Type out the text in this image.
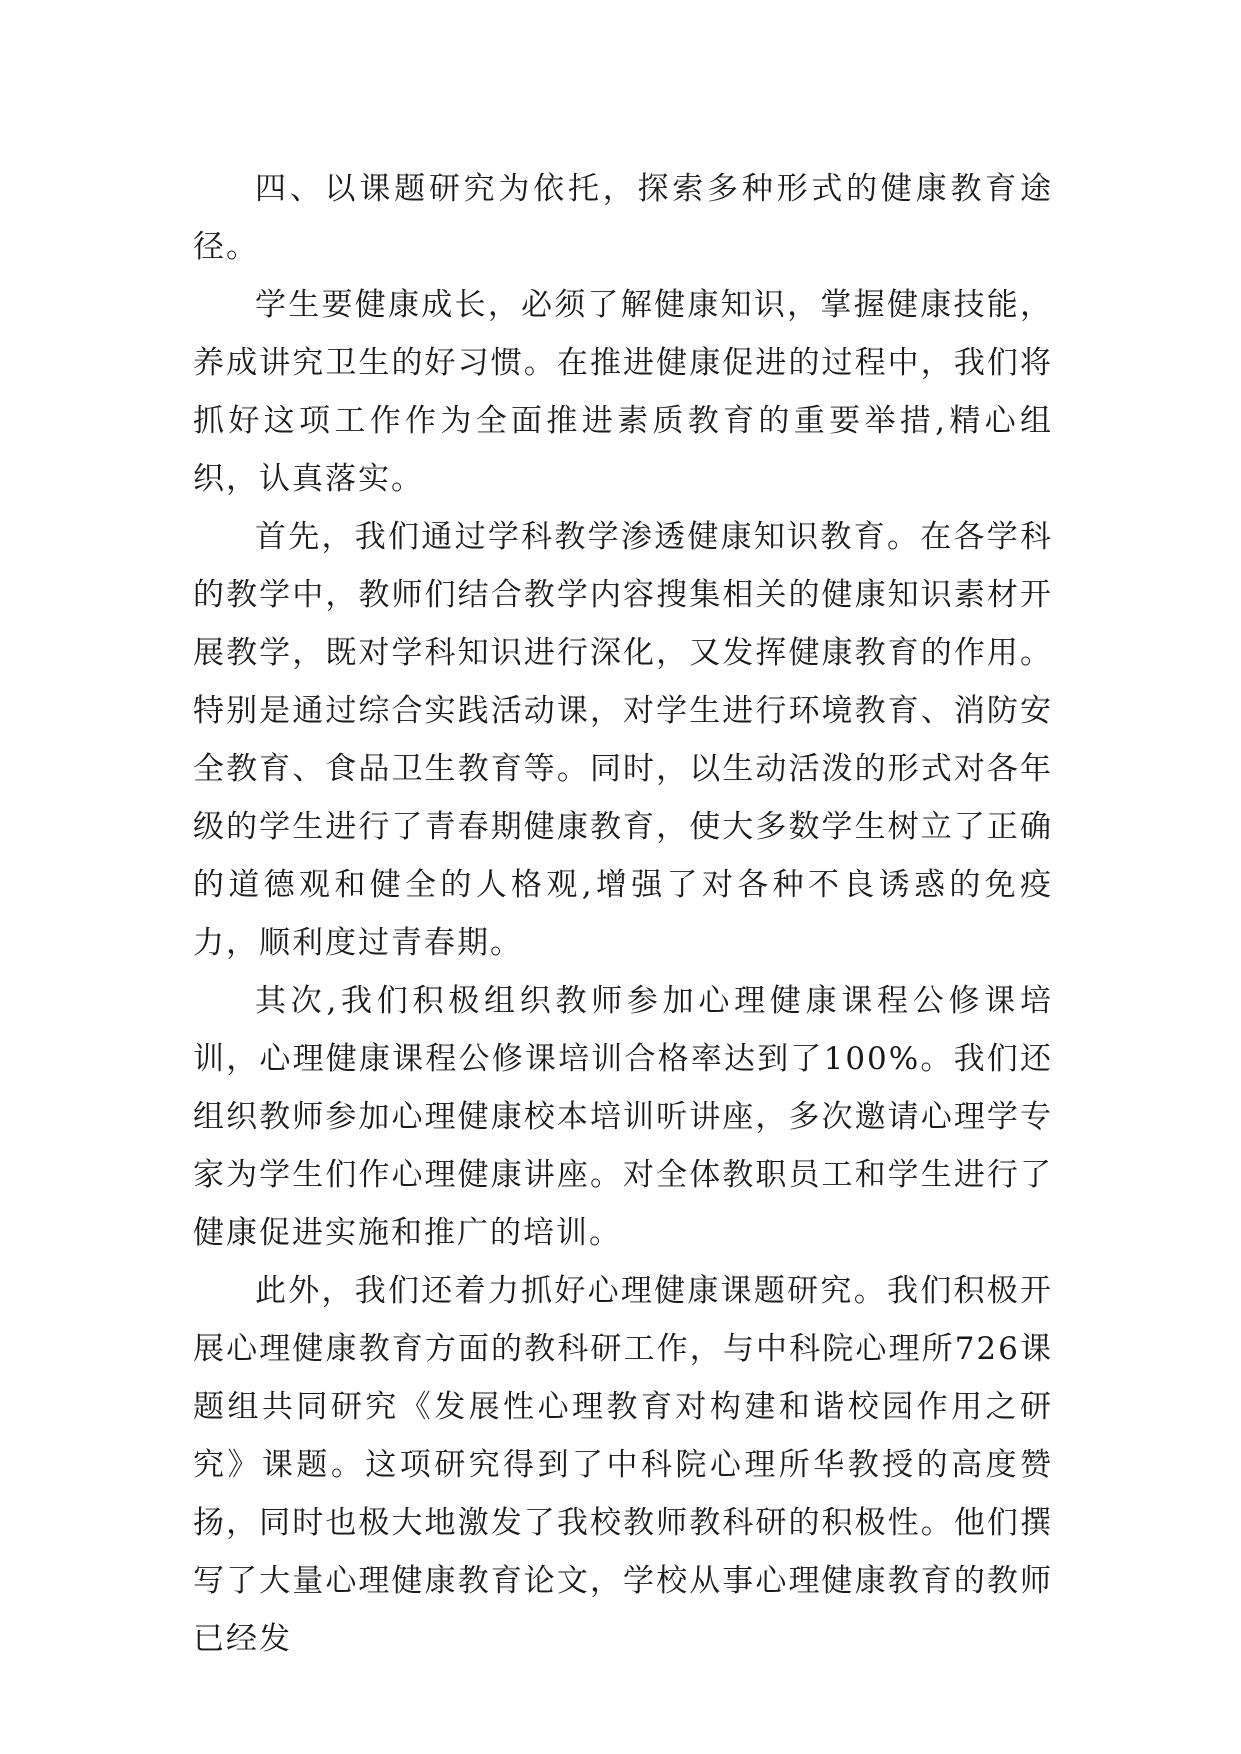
四、以课题研究为依托，探索多种形式的健康教育途径。

学生要健康成长，必须了解健康知识，掌握健康技能，养成讲究卫生的好习惯。在推进健康促进的过程中，我们将抓好这项工作作为全面推进素质教育的重要举措,精心组织，认真落实。

首先，我们通过学科教学渗透健康知识教育。在各学科的教学中，教师们结合教学内容搜集相关的健康知识素材开展教学，既对学科知识进行深化，又发挥健康教育的作用。特别是通过综合实践活动课，对学生进行环境教育、消防安全教育、食品卫生教育等。同时，以生动活泼的形式对各年级的学生进行了青春期健康教育，使大多数学生树立了正确的道德观和健全的人格观,增强了对各种不良诱惑的免疫力，顺利度过青春期。

其次,我们积极组织教师参加心理健康课程公修课培训，心理健康课程公修课培训合格率达到了100%。我们还组织教师参加心理健康校本培训听讲座，多次邀请心理学专家为学生们作心理健康讲座。对全体教职员工和学生进行了健康促进实施和推广的培训。

此外，我们还着力抓好心理健康课题研究。我们积极开展心理健康教育方面的教科研工作，与中科院心理所726课题组共同研究《发展性心理教育对构建和谐校园作用之研究》课题。这项研究得到了中科院心理所华教授的高度赞扬，同时也极大地激发了我校教师教科研的积极性。他们撰写了大量心理健康教育论文，学校从事心理健康教育的教师已经发
